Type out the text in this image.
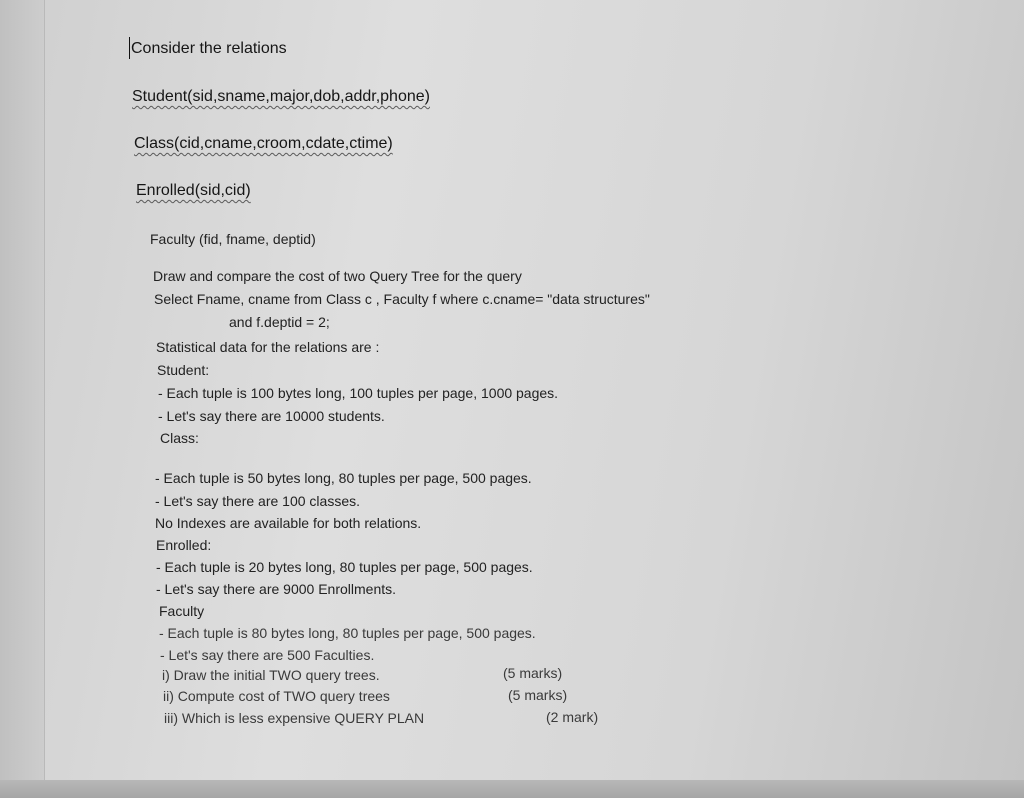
Consider the relations
Student(sid,sname,major,dob,addr,phone)
Class(cid,cname,croom,cdate,ctime)
Enrolled(sid,cid)
Faculty (fid, fname, deptid)
Draw and compare the cost of two Query Tree for the query
Select Fname, cname from Class c , Faculty f where c.cname= "data structures"
and f.deptid = 2;
Statistical data for the relations are :
Student:
- Each tuple is 100 bytes long, 100 tuples per page, 1000 pages.
- Let's say there are 10000 students.
Class:
- Each tuple is 50 bytes long, 80 tuples per page, 500 pages.
- Let's say there are 100 classes.
No Indexes are available for both relations.
Enrolled:
- Each tuple is 20 bytes long, 80 tuples per page, 500 pages.
- Let's say there are 9000 Enrollments.
Faculty
- Each tuple is 80 bytes long, 80 tuples per page, 500 pages.
- Let's say there are 500 Faculties.
i) Draw the initial TWO query trees.	(5 marks)
ii) Compute cost of TWO query trees	(5 marks)
iii) Which is less expensive QUERY PLAN	(2 mark)
